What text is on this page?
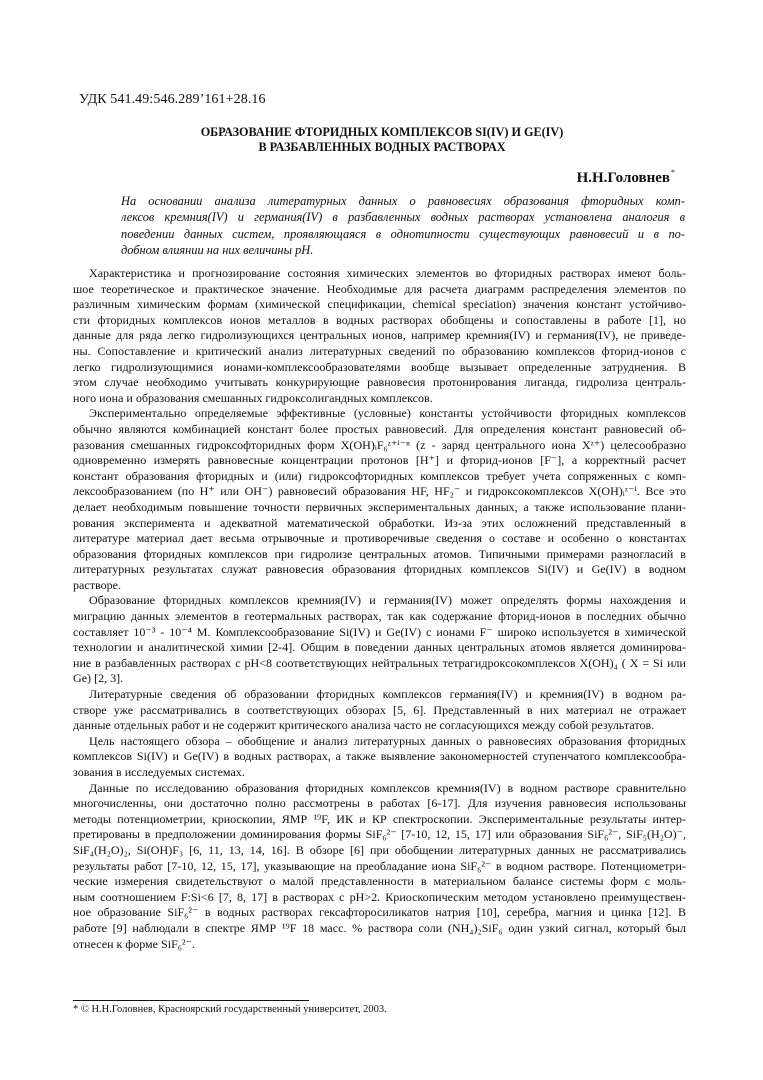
УДК 541.49:546.289’161+28.16
ОБРАЗОВАНИЕ ФТОРИДНЫХ КОМПЛЕКСОВ SI(IV) И GE(IV)
В РАЗБАВЛЕННЫХ ВОДНЫХ РАСТВОРАХ
Н.Н.Головнев*
На основании анализа литературных данных о равновесиях образования фторидных комп-
лексов кремния(IV) и германия(IV) в разбавленных водных растворах установлена аналогия в
поведении данных систем, проявляющаяся в однотипности существующих равновесий и в по-
добном влиянии на них величины pH.
Характеристика и прогнозирование состояния химических элементов во фторидных растворах имеют боль-
шое теоретическое и практическое значение. Необходимые для расчета диаграмм распределения элементов по
различным химическим формам (химической спецификации, chemical speciation) значения констант устойчиво-
сти фторидных комплексов ионов металлов в водных растворах обобщены и сопоставлены в работе [1], но
данные для ряда легко гидролизующихся центральных ионов, например кремния(IV) и германия(IV), не приведе-
ны. Сопоставление и критический анализ литературных сведений по образованию комплексов фторид-ионов с
легко гидролизующимися ионами-комплексообразователями вообще вызывает определенные затруднения. В
этом случае необходимо учитывать конкурирующие равновесия протонирования лиганда, гидролиза централь-
ного иона и образования смешанных гидроксолигандных комплексов.
Экспериментально определяемые эффективные (условные) константы устойчивости фторидных комплексов
обычно являются комбинацией констант более простых равновесий. Для определения констант равновесий об-
разования смешанных гидроксофторидных форм X(OH)ᵢF₆ᶻ⁺ⁱ⁻ⁿ (z - заряд центрального иона Xᶻ⁺) целесообразно
одновременно измерять равновесные концентрации протонов [H⁺] и фторид-ионов [F⁻], а корректный расчет
констант образования фторидных и (или) гидроксофторидных комплексов требует учета сопряженных с комп-
лексообразованием (по H⁺ или OH⁻) равновесий образования HF, HF₂⁻ и гидроксокомплексов X(OH)ᵢᶻ⁻ⁱ. Все это
делает необходимым повышение точности первичных экспериментальных данных, а также использование плани-
рования эксперимента и адекватной математической обработки. Из-за этих осложнений представленный в
литературе материал дает весьма отрывочные и противоречивые сведения о составе и особенно о константах
образования фторидных комплексов при гидролизе центральных атомов. Типичными примерами разногласий в
литературных результатах служат равновесия образования фторидных комплексов Si(IV) и Ge(IV) в водном
растворе.
Образование фторидных комплексов кремния(IV) и германия(IV) может определять формы нахождения и
миграцию данных элементов в геотермальных растворах, так как содержание фторид-ионов в последних обычно
составляет 10⁻³ - 10⁻⁴ М. Комплексообразование Si(IV) и Ge(IV) с ионами F⁻ широко используется в химической
технологии и аналитической химии [2-4]. Общим в поведении данных центральных атомов является доминирова-
ние в разбавленных растворах с pH<8 соответствующих нейтральных тетрагидроксокомплексов X(OH)₄ ( X = Si или
Ge) [2, 3].
Литературные сведения об образовании фторидных комплексов германия(IV) и кремния(IV) в водном ра-
створе уже рассматривались в соответствующих обзорах [5, 6]. Представленный в них материал не отражает
данные отдельных работ и не содержит критического анализа часто не согласующихся между собой результатов.
Цель настоящего обзора – обобщение и анализ литературных данных о равновесиях образования фторидных
комплексов Si(IV) и Ge(IV) в водных растворах, а также выявление закономерностей ступенчатого комплексообра-
зования в исследуемых системах.
Данные по исследованию образования фторидных комплексов кремния(IV) в водном растворе сравнительно
многочисленны, они достаточно полно рассмотрены в работах [6-17]. Для изучения равновесия использованы
методы потенциометрии, криоскопии, ЯМР ¹⁹F, ИК и КР спектроскопии. Экспериментальные результаты интер-
претированы в предположении доминирования формы SiF₆²⁻ [7-10, 12, 15, 17] или образования SiF₆²⁻, SiF₅(H₂O)⁻,
SiF₄(H₂O)₂, Si(OH)F₃ [6, 11, 13, 14, 16]. В обзоре [6] при обобщении литературных данных не рассматривались
результаты работ [7-10, 12, 15, 17], указывающие на преобладание иона SiF₆²⁻ в водном растворе. Потенциометри-
ческие измерения свидетельствуют о малой представленности в материальном балансе системы форм с моль-
ным соотношением F:Si<6 [7, 8, 17] в растворах с pH>2. Криоскопическим методом установлено преимуществен-
ное образование SiF₆²⁻ в водных растворах гексафторосиликатов натрия [10], серебра, магния и цинка [12]. В
работе [9] наблюдали в спектре ЯМР ¹⁹F 18 масс. % раствора соли (NH₄)₂SiF₆ один узкий сигнал, который был
отнесен к форме SiF₆²⁻.
* © Н.Н.Головнев, Красноярский государственный университет, 2003.
